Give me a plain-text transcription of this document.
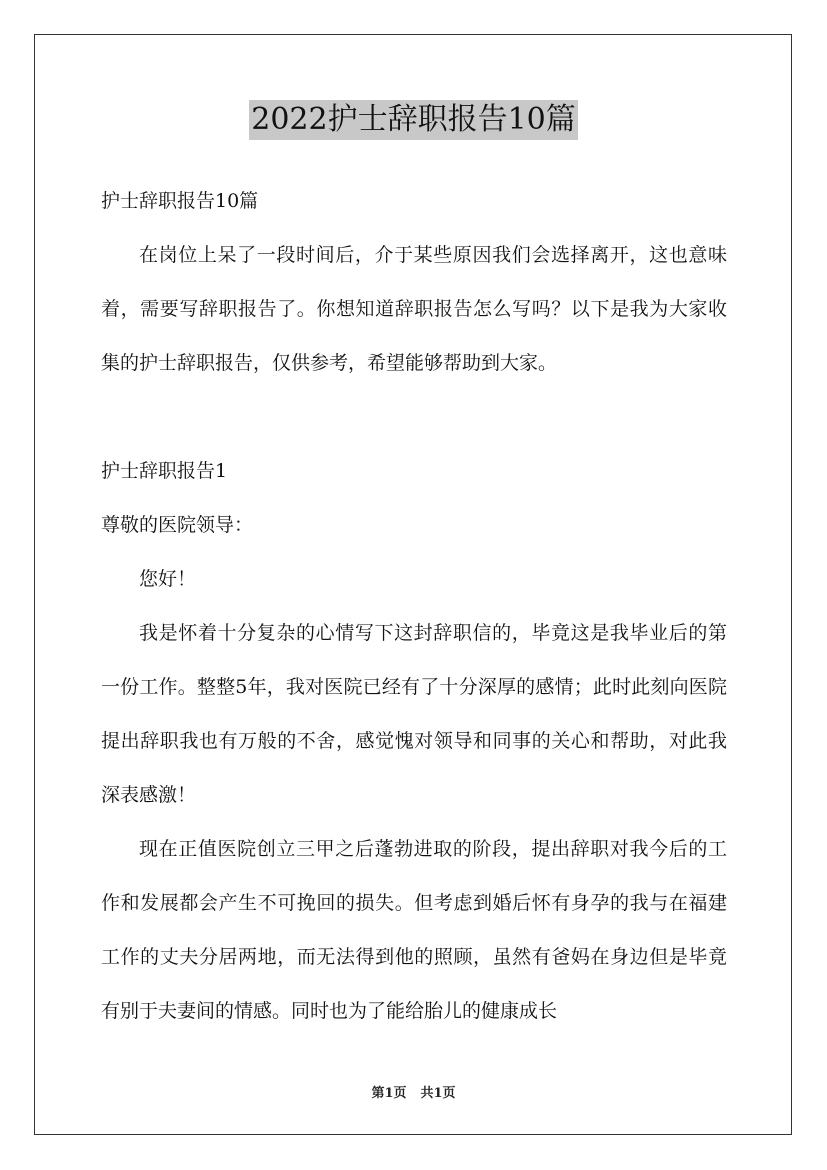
2022护士辞职报告10篇

护士辞职报告10篇

在岗位上呆了一段时间后，介于某些原因我们会选择离开，这也意味着，需要写辞职报告了。你想知道辞职报告怎么写吗？以下是我为大家收集的护士辞职报告，仅供参考，希望能够帮助到大家。

护士辞职报告1

尊敬的医院领导：

您好！

我是怀着十分复杂的心情写下这封辞职信的，毕竟这是我毕业后的第一份工作。整整5年，我对医院已经有了十分深厚的感情；此时此刻向医院提出辞职我也有万般的不舍，感觉愧对领导和同事的关心和帮助，对此我深表感激！

现在正值医院创立三甲之后蓬勃进取的阶段，提出辞职对我今后的工作和发展都会产生不可挽回的损失。但考虑到婚后怀有身孕的我与在福建工作的丈夫分居两地，而无法得到他的照顾，虽然有爸妈在身边但是毕竟有别于夫妻间的情感。同时也为了能给胎儿的健康成长

第1页 共1页
